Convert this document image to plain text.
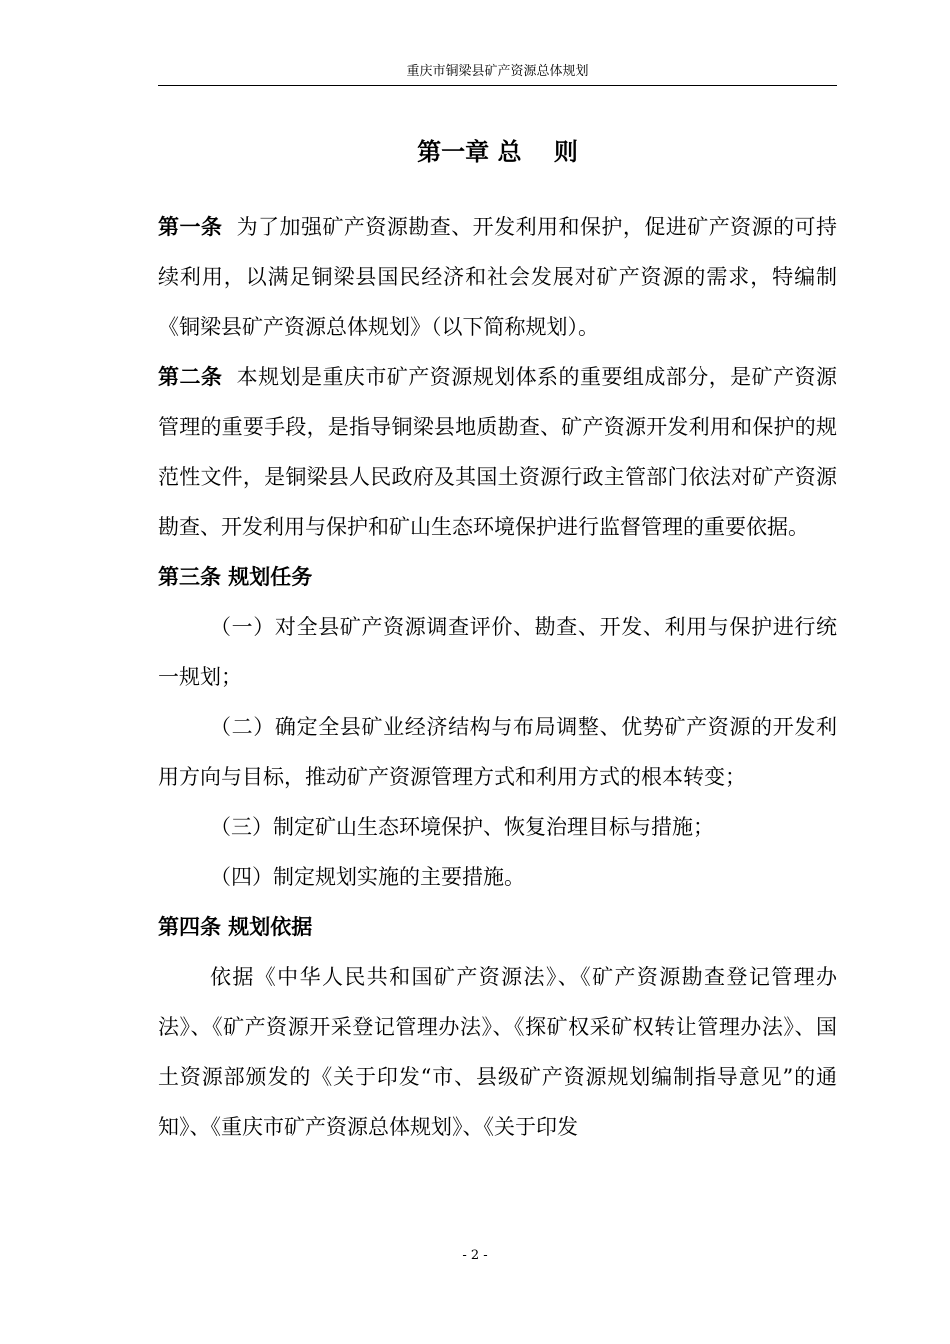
重庆市铜梁县矿产资源总体规划
第一章 总　 则

第一条 为了加强矿产资源勘查、开发利用和保护，促进矿产资源的可持续利用，以满足铜梁县国民经济和社会发展对矿产资源的需求，特编制《铜梁县矿产资源总体规划》（以下简称规划）。

第二条 本规划是重庆市矿产资源规划体系的重要组成部分，是矿产资源管理的重要手段，是指导铜梁县地质勘查、矿产资源开发利用和保护的规范性文件，是铜梁县人民政府及其国土资源行政主管部门依法对矿产资源勘查、开发利用与保护和矿山生态环境保护进行监督管理的重要依据。

第三条 规划任务

（一）对全县矿产资源调查评价、勘查、开发、利用与保护进行统一规划；

（二）确定全县矿业经济结构与布局调整、优势矿产资源的开发利用方向与目标，推动矿产资源管理方式和利用方式的根本转变；

（三）制定矿山生态环境保护、恢复治理目标与措施；

（四）制定规划实施的主要措施。

第四条 规划依据

依据《中华人民共和国矿产资源法》、《矿产资源勘查登记管理办法》、《矿产资源开采登记管理办法》、《探矿权采矿权转让管理办法》、国土资源部颁发的《关于印发“市、县级矿产资源规划编制指导意见”的通知》、《重庆市矿产资源总体规划》、《关于印发

- 2 -
